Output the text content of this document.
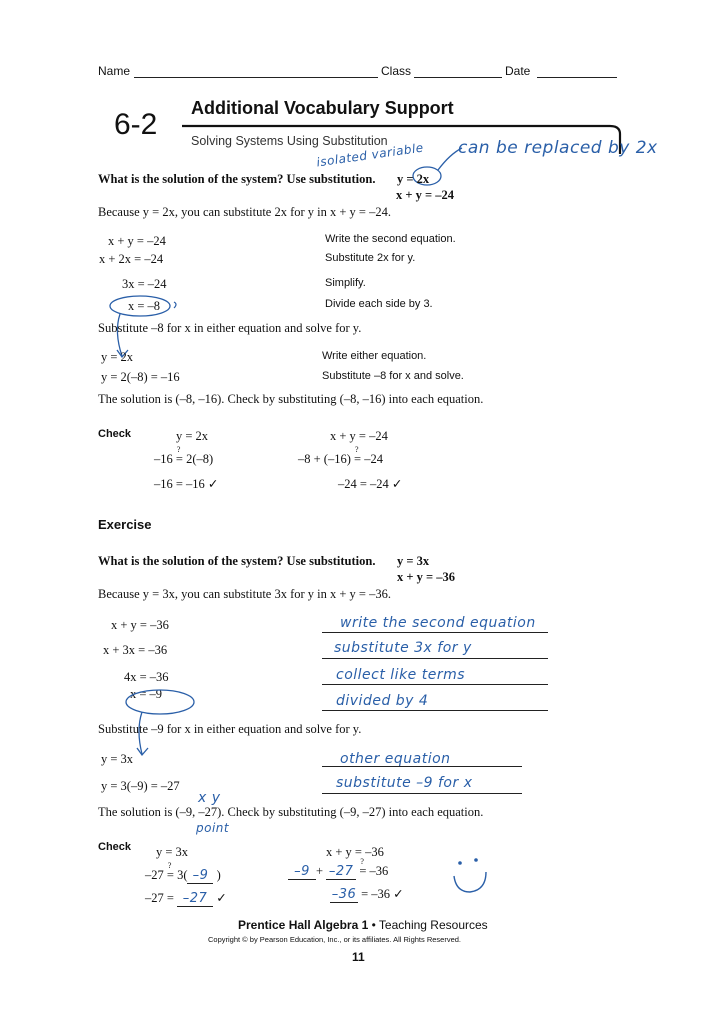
Name	Class	Date
6-2 Additional Vocabulary Support
Solving Systems Using Substitution
isolated variable can be replaced by 2x
What is the solution of the system? Use substitution. y = 2x
x + y = –24
Because y = 2x, you can substitute 2x for y in x + y = –24.
x + y = –24	Write the second equation.
x + 2x = –24	Substitute 2x for y.
3x = –24	Simplify.
x = –8	Divide each side by 3.
Substitute –8 for x in either equation and solve for y.
y = 2x	Write either equation.
y = 2(–8) = –16	Substitute –8 for x and solve.
The solution is (–8, –16). Check by substituting (–8, –16) into each equation.
Check	y = 2x
–16 =
?
2(–8)
–16 = –16 ✓
x + y = –24
–8 + (–16) =
?
–24
–24 = –24 ✓
Exercise
What is the solution of the system? Use substitution. y = 3x
x + y = –36
Because y = 3x, you can substitute 3x for y in x + y = –36.
x + y = –36	write the second equation
x + 3x = –36	substitute 3x for y
4x = –36	collect like terms
x = –9	divided by 4
Substitute –9 for x in either equation and solve for y.
y = 3x	other equation
y = 3(–9) = –27	substitute –9 for x
x y
The solution is (–9, –27). Check by substituting (–9, –27) into each equation.
point
Check y = 3x
–27 =
?
3( –9 )
–27 = –27 ✓
x + y = –36
–9 + –27 =
?
–36
–36 = –36 ✓
Prentice Hall Algebra 1 • Teaching Resources
Copyright © by Pearson Education, Inc., or its affiliates. All Rights Reserved.
11
